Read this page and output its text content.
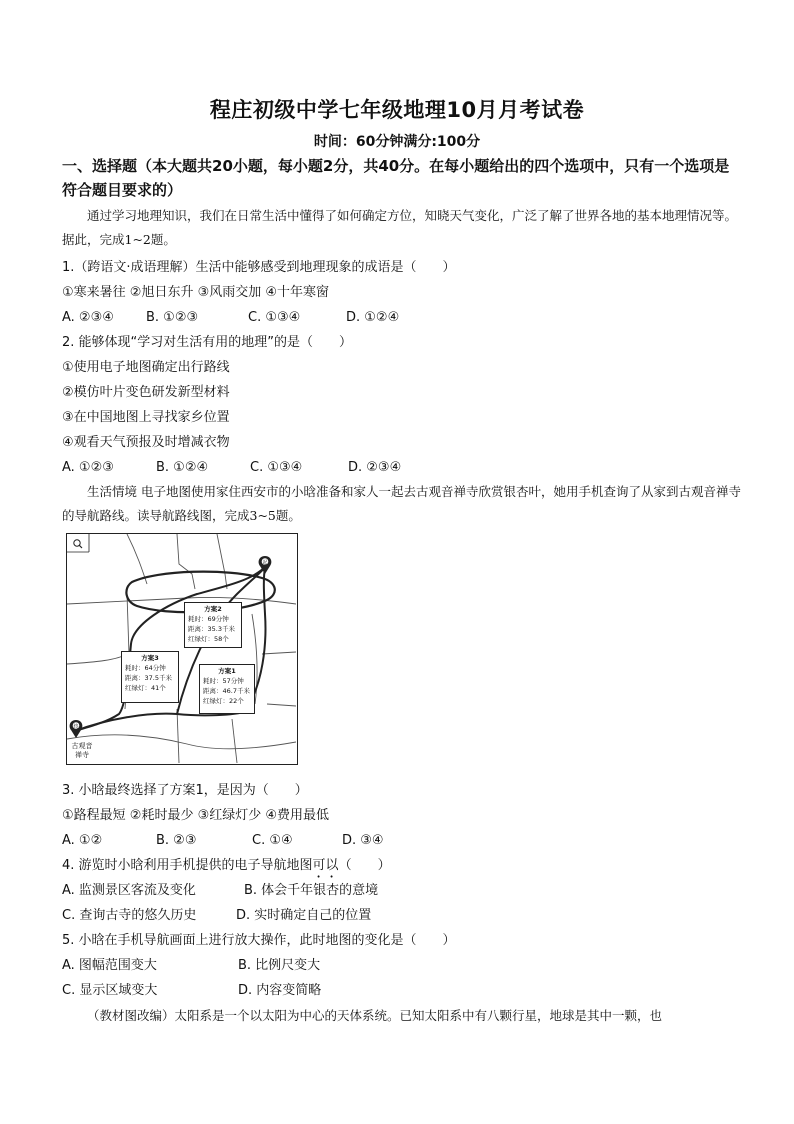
程庄初级中学七年级地理10月月考试卷
时间：60分钟满分:100分
一、选择题（本大题共20小题，每小题2分，共40分。在每小题给出的四个选项中，只有一个选项是符合题目要求的）
通过学习地理知识，我们在日常生活中懂得了如何确定方位，知晓天气变化，广泛了解了世界各地的基本地理情况等。据此，完成1~2题。
1.（跨语文·成语理解）生活中能够感受到地理现象的成语是（　　）
①寒来暑往 ②旭日东升 ③风雨交加 ④十年寒窗
A. ②③④ B. ①②③	C. ①③④	D. ①②④
2. 能够体现“学习对生活有用的地理”的是（　　）
①使用电子地图确定出行路线
②模仿叶片变色研发新型材料
③在中国地图上寻找家乡位置
④观看天气预报及时增减衣物
A. ①②③	B. ①②④	C. ①③④	D. ②③④
生活情境 电子地图使用家住西安市的小晗准备和家人一起去古观音禅寺欣赏银杏叶，她用手机查询了从家到古观音禅寺的导航路线。读导航路线图，完成3~5题。
起
终
方案2
耗时：69分钟
距离：35.3千米
红绿灯：58个
方案3
耗时：64分钟
距离：37.5千米
红绿灯：41个
方案1
耗时：57分钟
距离：46.7千米
红绿灯：22个
古观音
禅寺
3. 小晗最终选择了方案1，是因为（　　）
①路程最短 ②耗时最少 ③红绿灯少 ④费用最低
A. ①②	B. ②③	C. ①④	D. ③④
4. 游览时小晗利用手机提供的电子导航地图可以（　　）
A. 监测景区客流及变化	B. 体会千年银杏的意境
C. 查询古寺的悠久历史	D. 实时确定自己的位置
5. 小晗在手机导航画面上进行放大操作，此时地图的变化是（　　）
A. 图幅范围变大	B. 比例尺变大
C. 显示区域变大	D. 内容变简略
（教材图改编）太阳系是一个以太阳为中心的天体系统。已知太阳系中有八颗行星，地球是其中一颗，也
